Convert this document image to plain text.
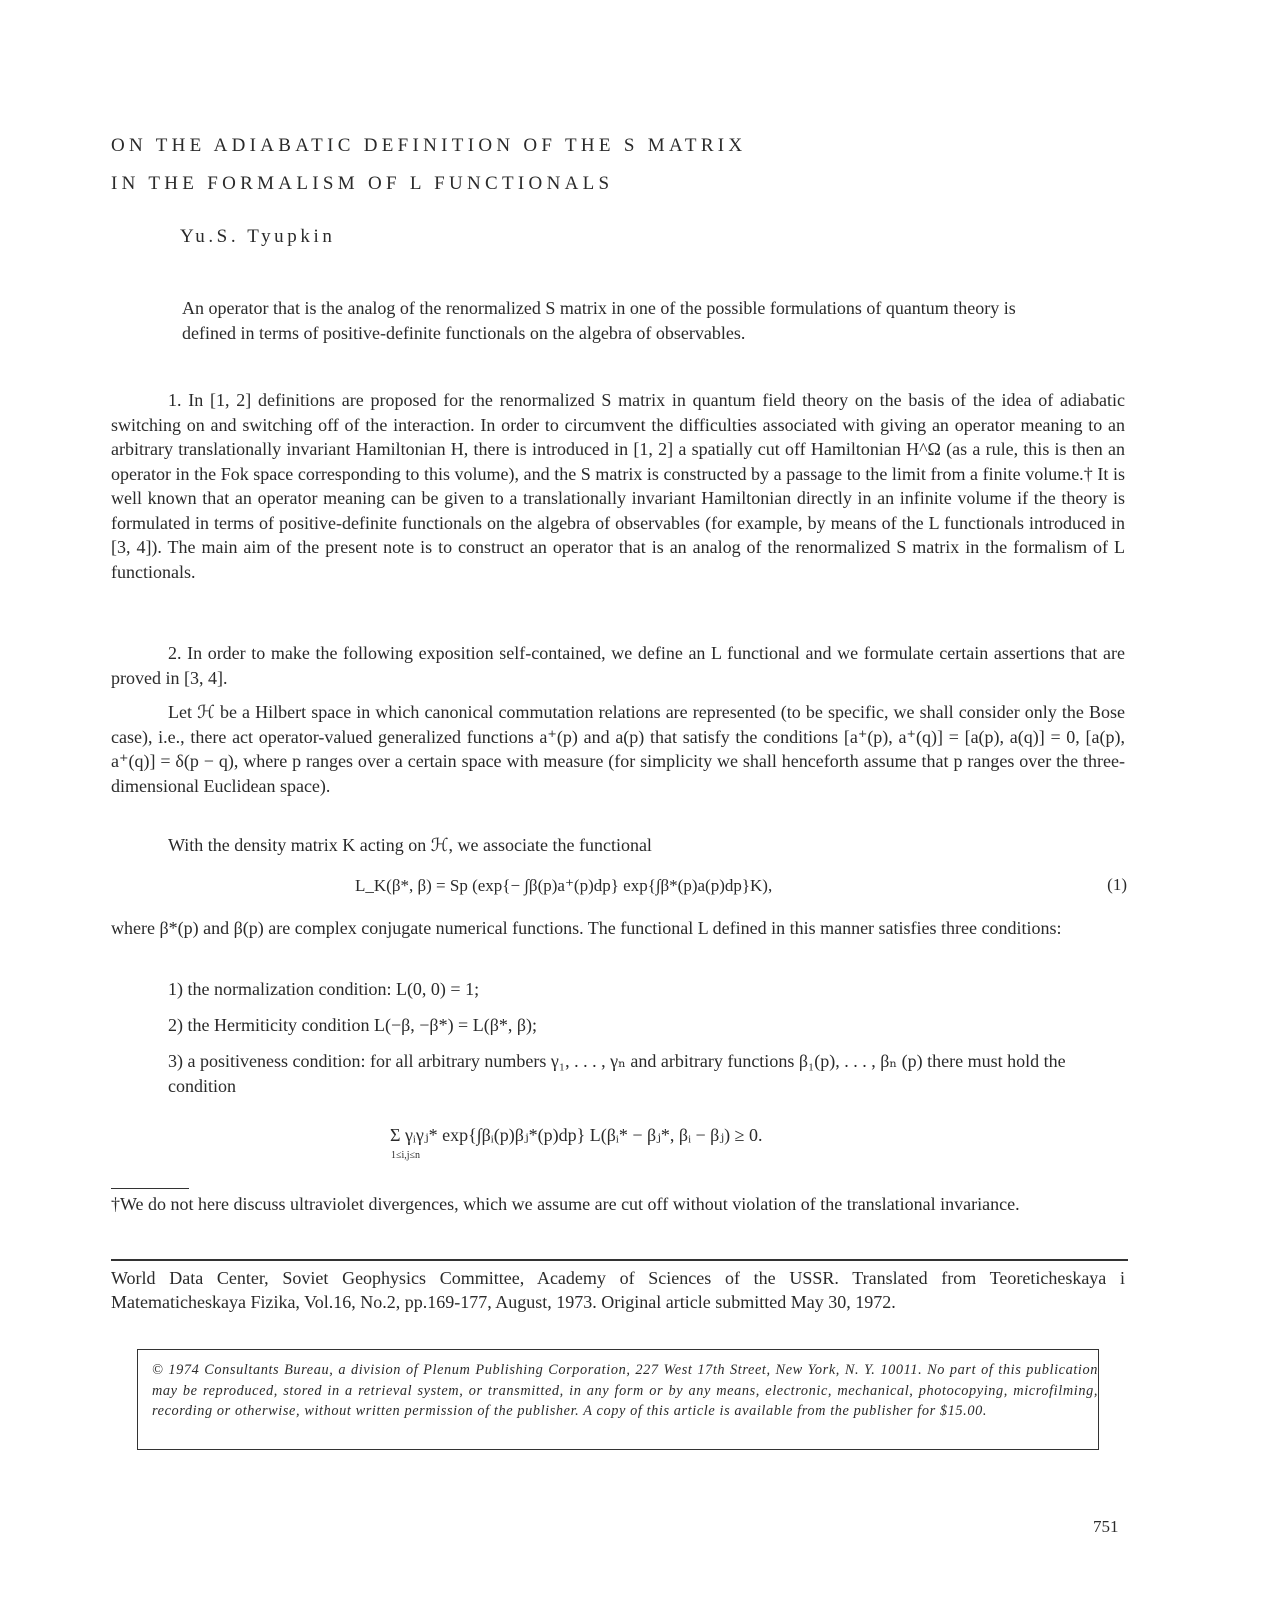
ON THE ADIABATIC DEFINITION OF THE S MATRIX
IN THE FORMALISM OF L FUNCTIONALS
Yu.S. Tyupkin
An operator that is the analog of the renormalized S matrix in one of the possible formulations of quantum theory is defined in terms of positive-definite functionals on the algebra of observables.
1. In [1, 2] definitions are proposed for the renormalized S matrix in quantum field theory on the basis of the idea of adiabatic switching on and switching off of the interaction. In order to circumvent the difficulties associated with giving an operator meaning to an arbitrary translationally invariant Hamiltonian H, there is introduced in [1, 2] a spatially cut off Hamiltonian H^Ω (as a rule, this is then an operator in the Fok space corresponding to this volume), and the S matrix is constructed by a passage to the limit from a finite volume.† It is well known that an operator meaning can be given to a translationally invariant Hamiltonian directly in an infinite volume if the theory is formulated in terms of positive-definite functionals on the algebra of observables (for example, by means of the L functionals introduced in [3, 4]). The main aim of the present note is to construct an operator that is an analog of the renormalized S matrix in the formalism of L functionals.
2. In order to make the following exposition self-contained, we define an L functional and we formulate certain assertions that are proved in [3, 4].
Let ℋ be a Hilbert space in which canonical commutation relations are represented (to be specific, we shall consider only the Bose case), i.e., there act operator-valued generalized functions a⁺(p) and a(p) that satisfy the conditions [a⁺(p), a⁺(q)] = [a(p), a(q)] = 0, [a(p), a⁺(q)] = δ(p − q), where p ranges over a certain space with measure (for simplicity we shall henceforth assume that p ranges over the three-dimensional Euclidean space).
With the density matrix K acting on ℋ, we associate the functional
L_K(β*, β) = Sp (exp{− ∫β(p)a⁺(p)dp} exp{∫β*(p)a(p)dp}K),	(1)
where β*(p) and β(p) are complex conjugate numerical functions. The functional L defined in this manner satisfies three conditions:
1) the normalization condition: L(0, 0) = 1;
2) the Hermiticity condition L(−β, −β*) = L(β*, β);
3) a positiveness condition: for all arbitrary numbers γ₁, . . . , γₙ and arbitrary functions β₁(p), . . . , βₙ (p) there must hold the condition
Σ γᵢγⱼ* exp{∫βᵢ(p)βⱼ*(p)dp} L(βᵢ* − βⱼ*, βᵢ − βⱼ) ≥ 0.
1≤i,j≤n
†We do not here discuss ultraviolet divergences, which we assume are cut off without violation of the translational invariance.
World Data Center, Soviet Geophysics Committee, Academy of Sciences of the USSR. Translated from Teoreticheskaya i Matematicheskaya Fizika, Vol.16, No.2, pp.169-177, August, 1973. Original article submitted May 30, 1972.
© 1974 Consultants Bureau, a division of Plenum Publishing Corporation, 227 West 17th Street, New York, N. Y. 10011. No part of this publication may be reproduced, stored in a retrieval system, or transmitted, in any form or by any means, electronic, mechanical, photocopying, microfilming, recording or otherwise, without written permission of the publisher. A copy of this article is available from the publisher for $15.00.
751
